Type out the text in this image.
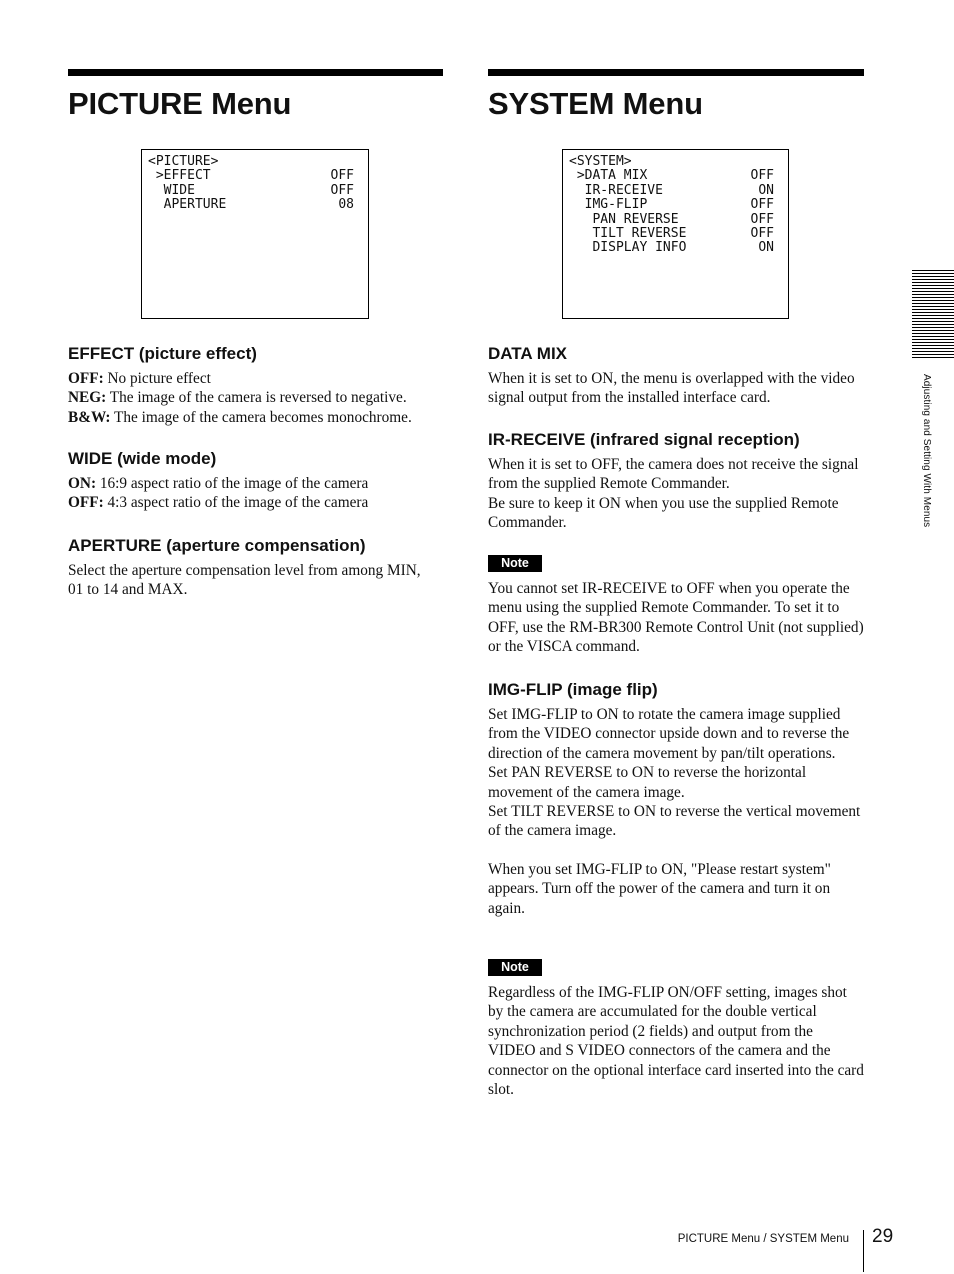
PICTURE Menu
<PICTURE>
>EFFECT	OFF
WIDE	OFF
APERTURE	08
EFFECT (picture effect)

OFF: No picture effect

NEG: The image of the camera is reversed to negative.

B&W: The image of the camera becomes monochrome.

WIDE (wide mode)

ON: 16:9 aspect ratio of the image of the camera

OFF: 4:3 aspect ratio of the image of the camera

APERTURE (aperture compensation)

Select the aperture compensation level from among MIN, 01 to 14 and MAX.

SYSTEM Menu
<SYSTEM>
>DATA MIX	OFF
IR-RECEIVE	ON
IMG-FLIP	OFF
PAN REVERSE	OFF
TILT REVERSE	OFF
DISPLAY INFO	ON
DATA MIX

When it is set to ON, the menu is overlapped with the video signal output from the installed interface card.

IR-RECEIVE (infrared signal reception)

When it is set to OFF, the camera does not receive the signal from the supplied Remote Commander.

Be sure to keep it ON when you use the supplied Remote Commander.

Note

You cannot set IR-RECEIVE to OFF when you operate the menu using the supplied Remote Commander. To set it to OFF, use the RM-BR300 Remote Control Unit (not supplied) or the VISCA command.

IMG-FLIP (image flip)

Set IMG-FLIP to ON to rotate the camera image supplied from the VIDEO connector upside down and to reverse the direction of the camera movement by pan/tilt operations.

Set PAN REVERSE to ON to reverse the horizontal movement of the camera image.

Set TILT REVERSE to ON to reverse the vertical movement of the camera image.

When you set IMG-FLIP to ON, "Please restart system" appears. Turn off the power of the camera and turn it on again.

Note

Regardless of the IMG-FLIP ON/OFF setting, images shot by the camera are accumulated for the double vertical synchronization period (2 fields) and output from the VIDEO and S VIDEO connectors of the camera and the connector on the optional interface card inserted into the card slot.

Adjusting and Setting With Menus
PICTURE Menu / SYSTEM Menu 29
